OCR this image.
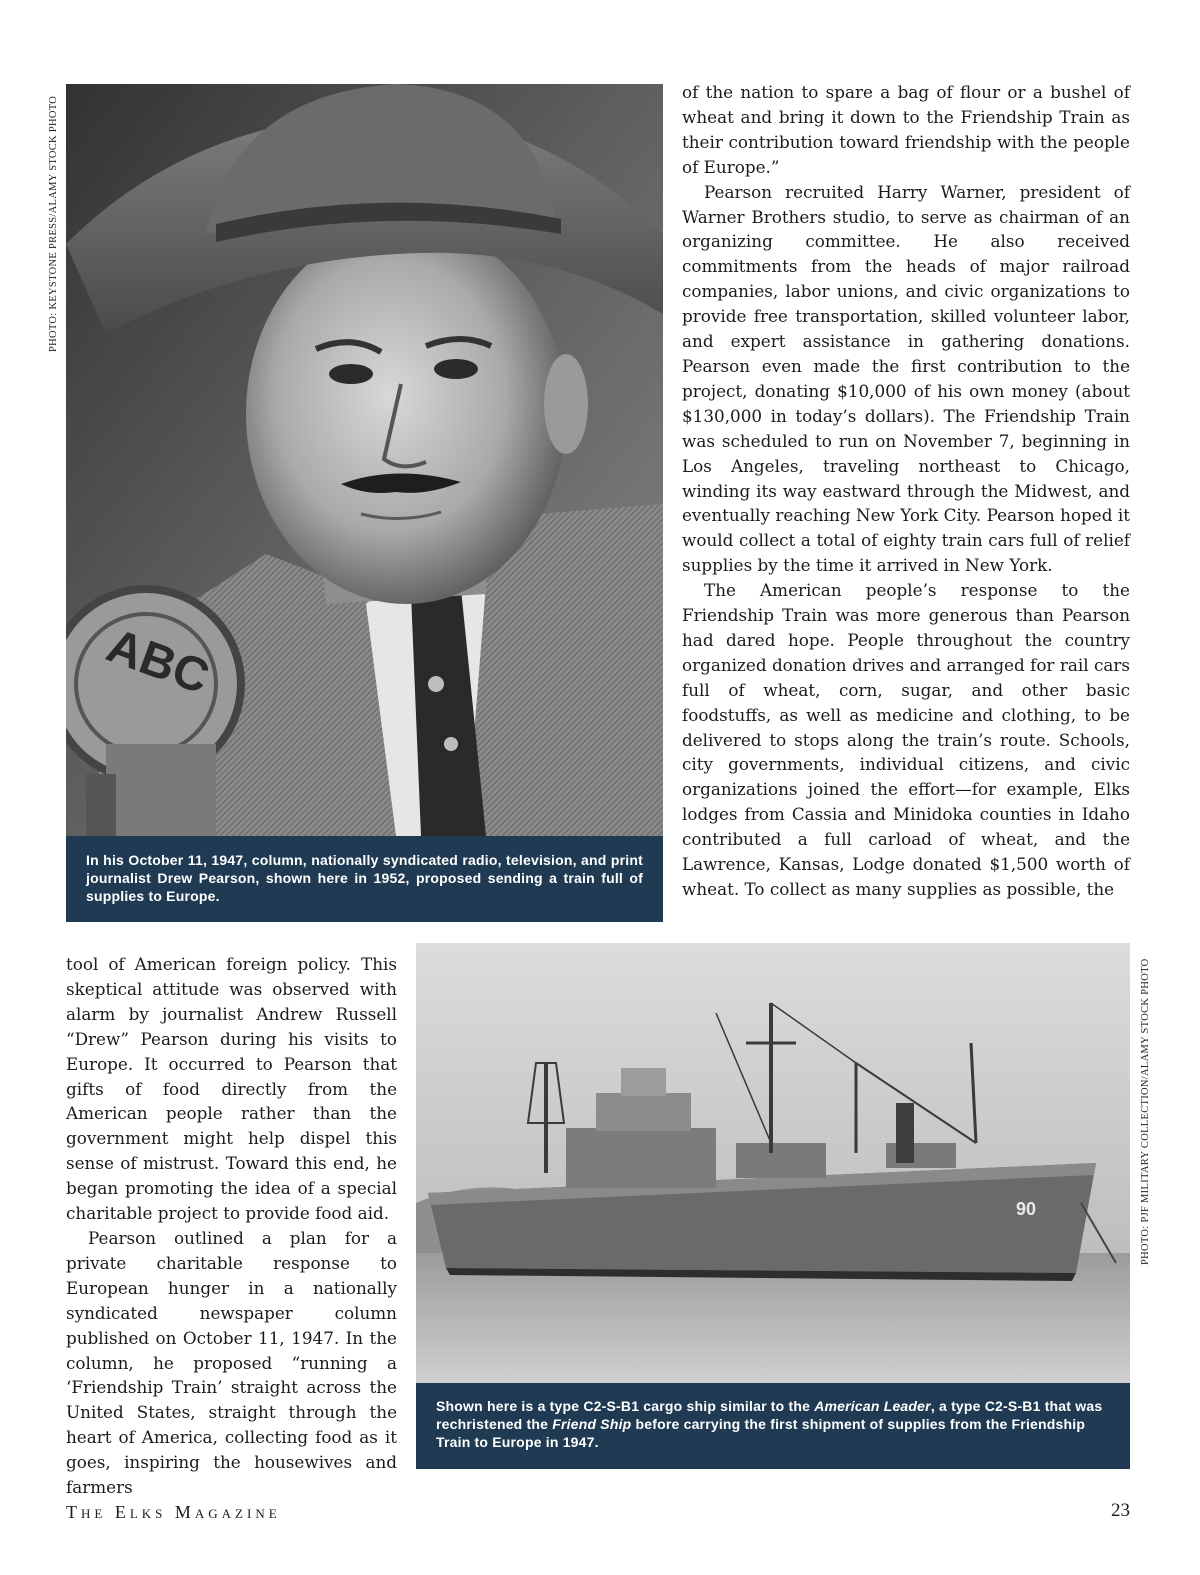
PHOTO: KEYSTONE PRESS/ALAMY STOCK PHOTO
PHOTO: PJF MILITARY COLLECTION/ALAMY STOCK PHOTO
ABC
In his October 11, 1947, column, nationally syndicated radio, television, and print journalist Drew Pearson, shown here in 1952, proposed sending a train full of supplies to Europe.
90
Shown here is a type C2-S-B1 cargo ship similar to the American Leader, a type C2-S-B1 that was rechristened the Friend Ship before carrying the first shipment of supplies from the Friendship Train to Europe in 1947.

of the nation to spare a bag of flour or a bushel of wheat and bring it down to the Friendship Train as their contribution toward friendship with the people of Europe.”

Pearson recruited Harry Warner, president of Warner Brothers studio, to serve as chairman of an organizing committee. He also received commitments from the heads of major railroad companies, labor unions, and civic organizations to provide free transportation, skilled volunteer labor, and expert assistance in gathering donations. Pearson even made the first contribution to the project, donating $10,000 of his own money (about $130,000 in today’s dollars). The Friendship Train was scheduled to run on November 7, beginning in Los Angeles, traveling northeast to Chicago, winding its way eastward through the Midwest, and eventually reaching New York City. Pearson hoped it would collect a total of eighty train cars full of relief supplies by the time it arrived in New York.

The American people’s response to the Friendship Train was more generous than Pearson had dared hope. People throughout the country organized donation drives and arranged for rail cars full of wheat, corn, sugar, and other basic foodstuffs, as well as medicine and clothing, to be delivered to stops along the train’s route. Schools, city governments, individual citizens, and civic organizations joined the effort—for example, Elks lodges from Cassia and Minidoka counties in Idaho contributed a full carload of wheat, and the Lawrence, Kansas, Lodge donated $1,500 worth of wheat. To collect as many supplies as possible, the

tool of American foreign policy. This skeptical attitude was observed with alarm by journalist Andrew Russell “Drew” Pearson during his visits to Europe. It occurred to Pearson that gifts of food directly from the American people rather than the government might help dispel this sense of mistrust. Toward this end, he began promoting the idea of a special charitable project to provide food aid.

Pearson outlined a plan for a private charitable response to European hunger in a nationally syndicated newspaper column published on October 11, 1947. In the column, he proposed “running a ‘Friendship Train’ straight across the United States, straight through the heart of America, collecting food as it goes, inspiring the housewives and farmers

The Elks Magazine	23
